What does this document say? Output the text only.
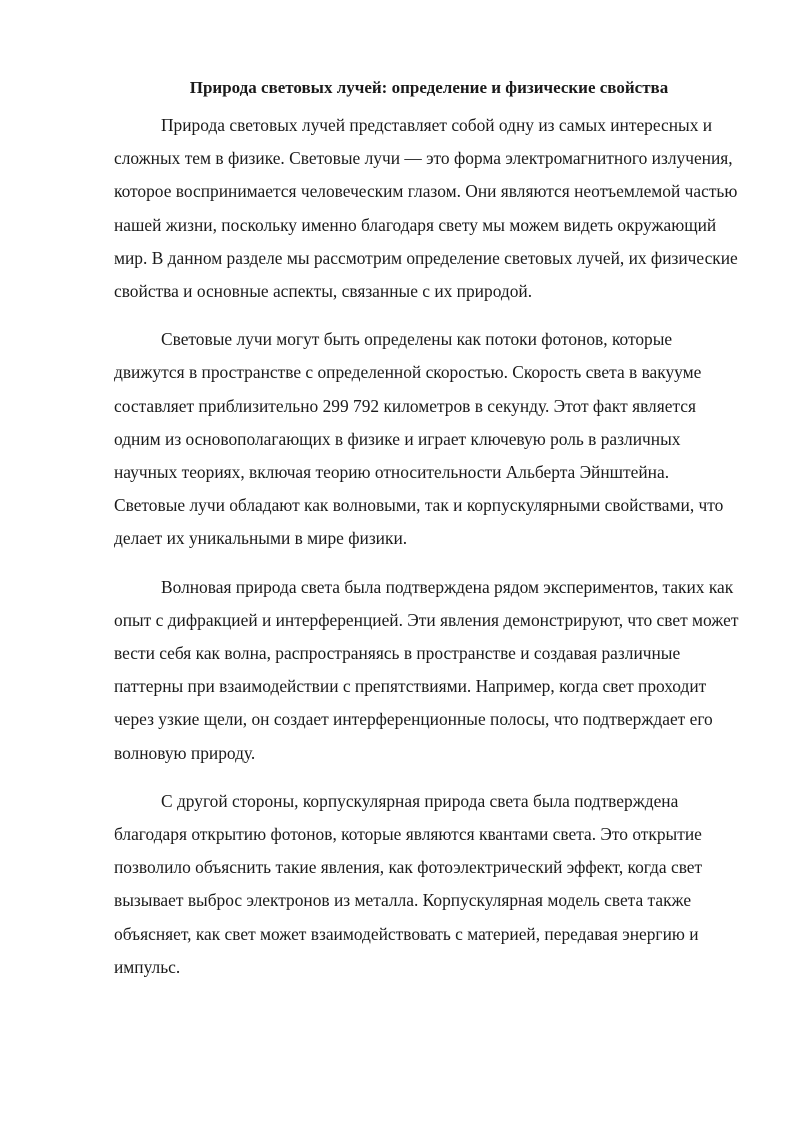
Природа световых лучей: определение и физические свойства

Природа световых лучей представляет собой одну из самых интересных и сложных тем в физике. Световые лучи — это форма электромагнитного излучения, которое воспринимается человеческим глазом. Они являются неотъемлемой частью нашей жизни, поскольку именно благодаря свету мы можем видеть окружающий мир. В данном разделе мы рассмотрим определение световых лучей, их физические свойства и основные аспекты, связанные с их природой.

Световые лучи могут быть определены как потоки фотонов, которые движутся в пространстве с определенной скоростью. Скорость света в вакууме составляет приблизительно 299 792 километров в секунду. Этот факт является одним из основополагающих в физике и играет ключевую роль в различных научных теориях, включая теорию относительности Альберта Эйнштейна. Световые лучи обладают как волновыми, так и корпускулярными свойствами, что делает их уникальными в мире физики.

Волновая природа света была подтверждена рядом экспериментов, таких как опыт с дифракцией и интерференцией. Эти явления демонстрируют, что свет может вести себя как волна, распространяясь в пространстве и создавая различные паттерны при взаимодействии с препятствиями. Например, когда свет проходит через узкие щели, он создает интерференционные полосы, что подтверждает его волновую природу.

С другой стороны, корпускулярная природа света была подтверждена благодаря открытию фотонов, которые являются квантами света. Это открытие позволило объяснить такие явления, как фотоэлектрический эффект, когда свет вызывает выброс электронов из металла. Корпускулярная модель света также объясняет, как свет может взаимодействовать с материей, передавая энергию и импульс.
